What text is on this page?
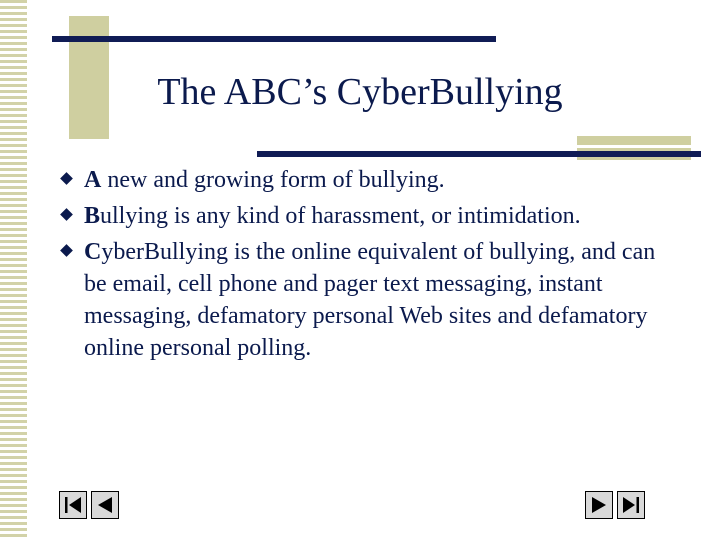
The ABC’s CyberBullying
A new and growing form of bullying.
Bullying is any kind of harassment, or intimidation.
CyberBullying is the online equivalent of bullying, and can be email, cell phone and pager text messaging, instant messaging, defamatory personal Web sites and defamatory online personal polling.
